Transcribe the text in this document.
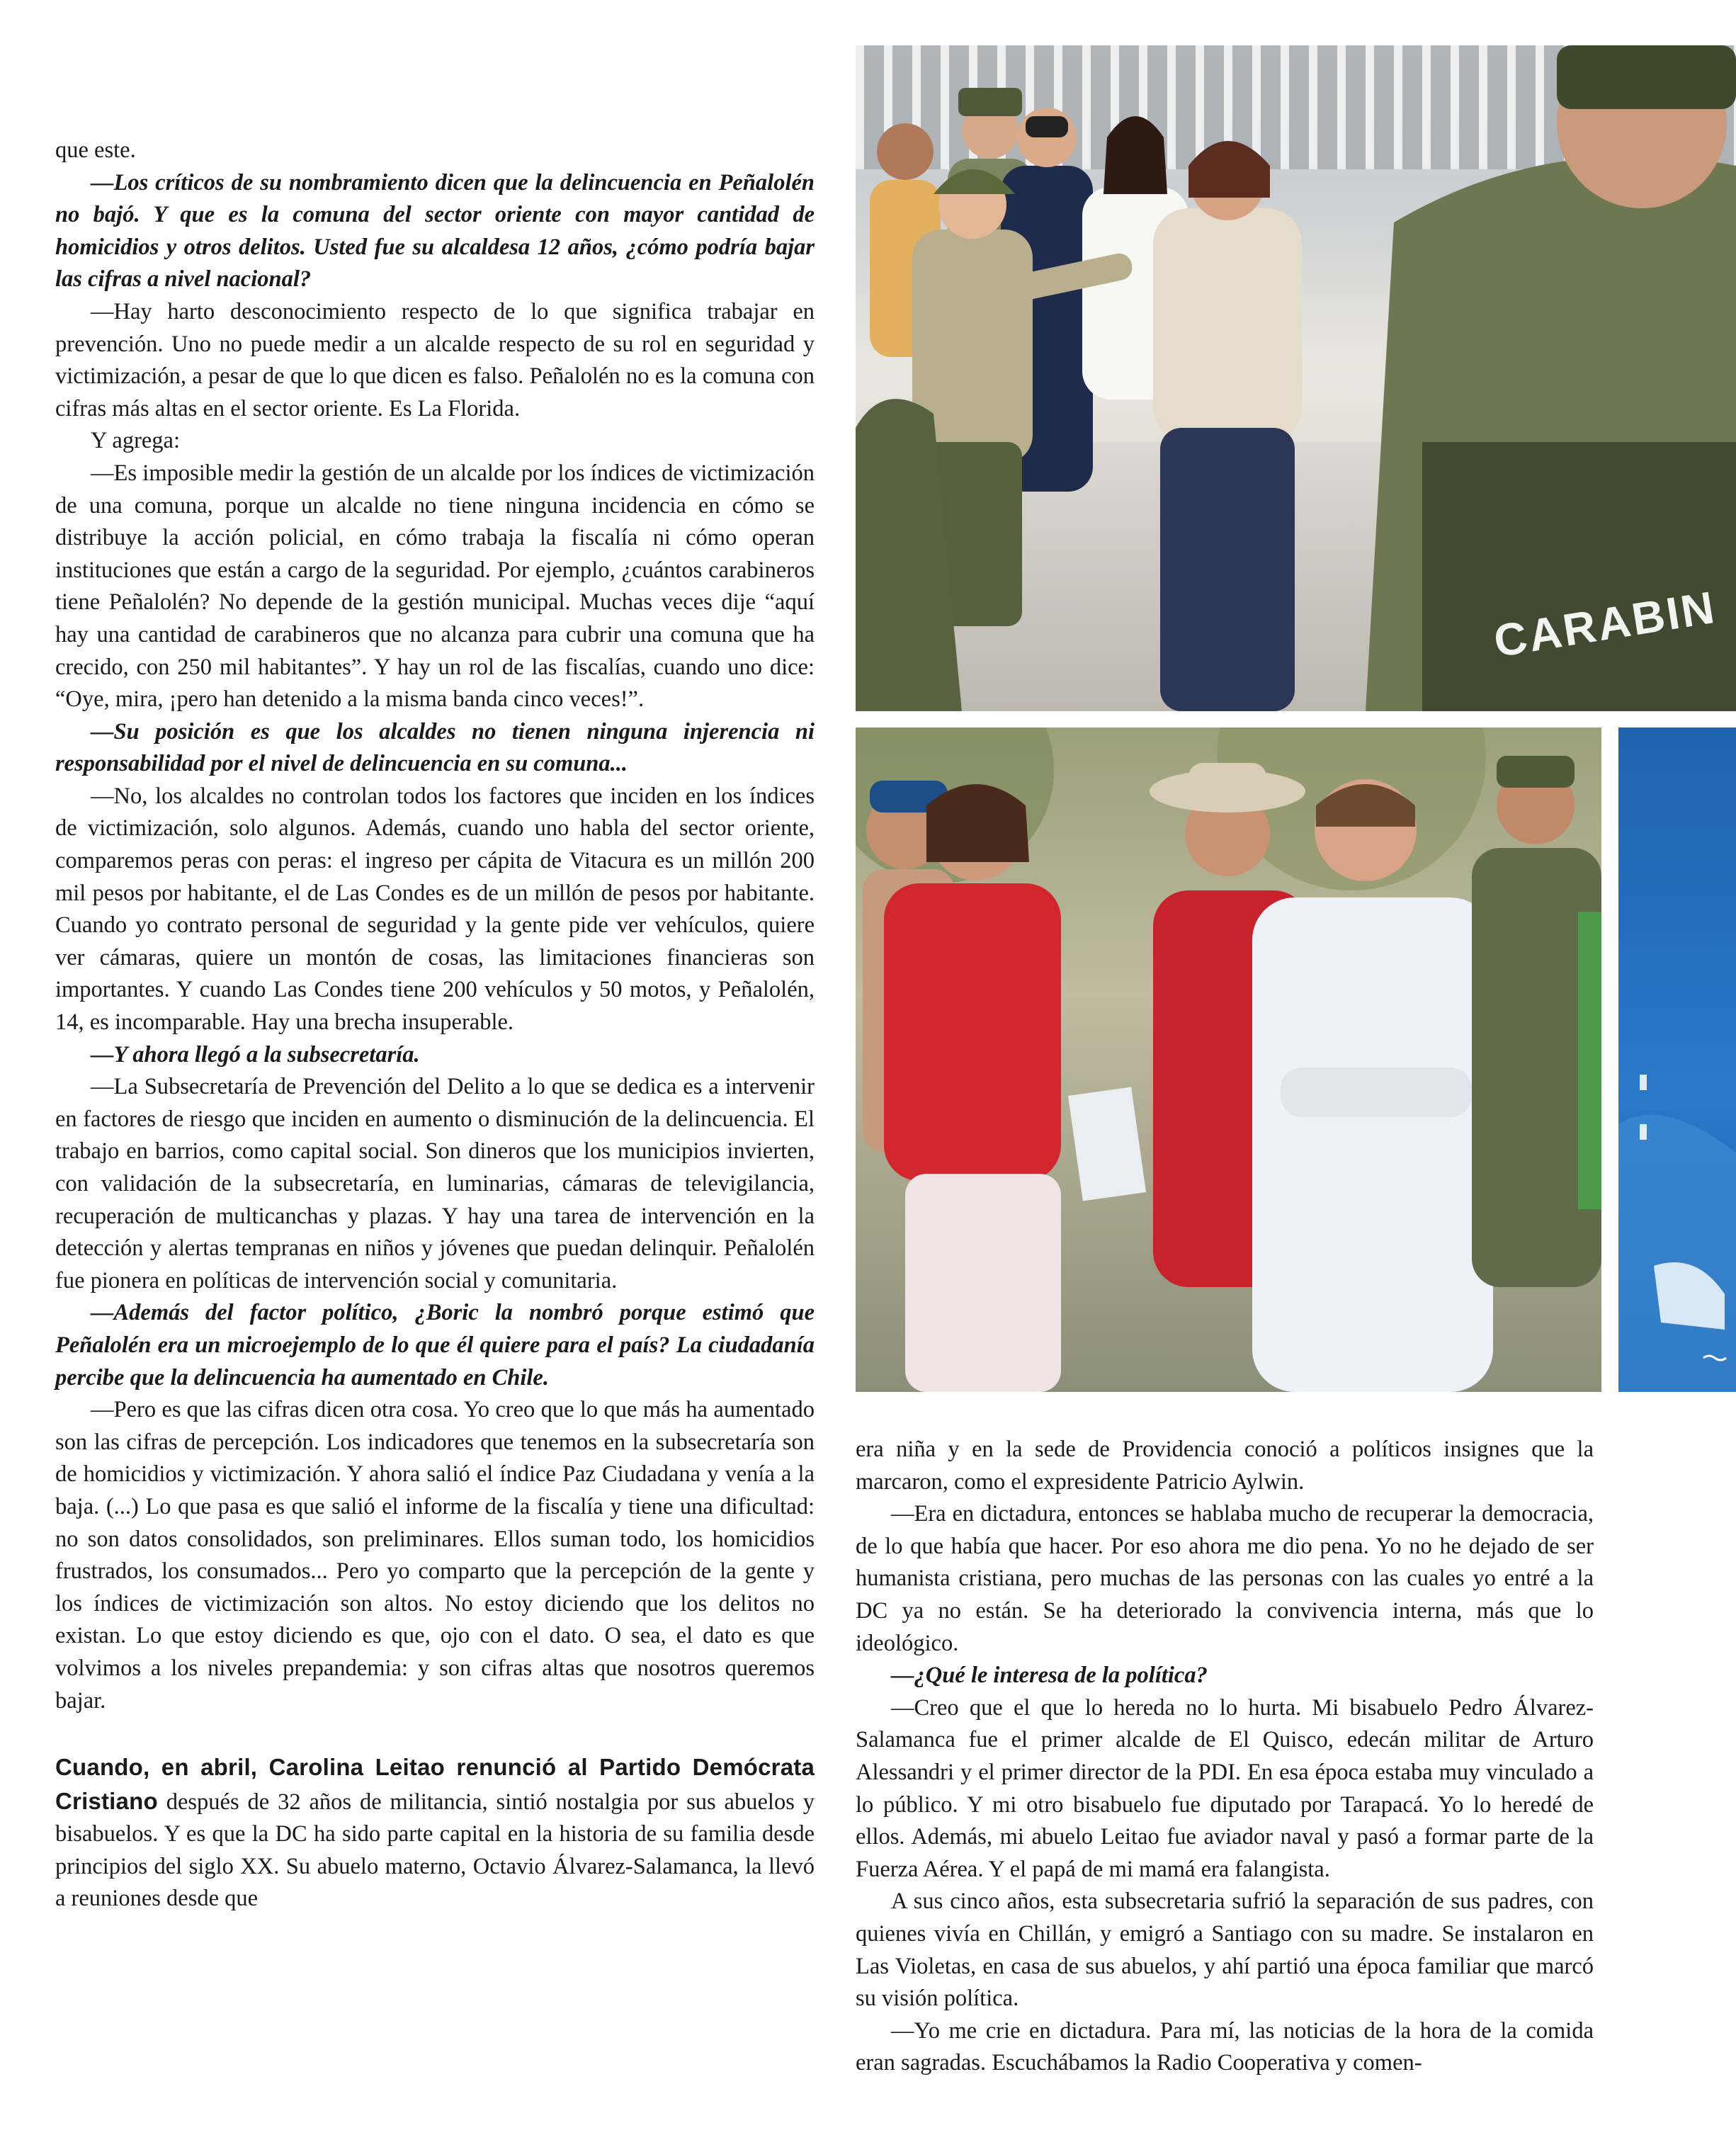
CARABIN

que este.

—Los críticos de su nombramiento dicen que la delincuencia en Peñalolén no bajó. Y que es la comuna del sector oriente con mayor cantidad de homicidios y otros delitos. Usted fue su alcaldesa 12 años, ¿cómo podría bajar las cifras a nivel nacional?

—Hay harto desconocimiento respecto de lo que significa trabajar en prevención. Uno no puede medir a un alcalde respecto de su rol en seguridad y victimización, a pesar de que lo que dicen es falso. Peñalolén no es la comuna con cifras más altas en el sector oriente. Es La Florida.

Y agrega:

—Es imposible medir la gestión de un alcalde por los índices de victimización de una comuna, porque un alcalde no tiene ninguna incidencia en cómo se distribuye la acción policial, en cómo trabaja la fiscalía ni cómo operan instituciones que están a cargo de la seguridad. Por ejemplo, ¿cuántos carabineros tiene Peñalolén? No depende de la gestión municipal. Muchas veces dije “aquí hay una cantidad de carabineros que no alcanza para cubrir una comuna que ha crecido, con 250 mil habitantes”. Y hay un rol de las fiscalías, cuando uno dice: “Oye, mira, ¡pero han detenido a la misma banda cinco veces!”.

—Su posición es que los alcaldes no tienen ninguna injerencia ni responsabilidad por el nivel de delincuencia en su comuna...

—No, los alcaldes no controlan todos los factores que inciden en los índices de victimización, solo algunos. Además, cuando uno habla del sector oriente, comparemos peras con peras: el ingreso per cápita de Vitacura es un millón 200 mil pesos por habitante, el de Las Condes es de un millón de pesos por habitante. Cuando yo contrato personal de seguridad y la gente pide ver vehículos, quiere ver cámaras, quiere un montón de cosas, las limitaciones financieras son importantes. Y cuando Las Condes tiene 200 vehículos y 50 motos, y Peñalolén, 14, es incomparable. Hay una brecha insuperable.

—Y ahora llegó a la subsecretaría.

—La Subsecretaría de Prevención del Delito a lo que se dedica es a intervenir en factores de riesgo que inciden en aumento o disminución de la delincuencia. El trabajo en barrios, como capital social. Son dineros que los municipios invierten, con validación de la subsecretaría, en luminarias, cámaras de televigilancia, recuperación de multicanchas y plazas. Y hay una tarea de intervención en la detección y alertas tempranas en niños y jóvenes que puedan delinquir. Peñalolén fue pionera en políticas de intervención social y comunitaria.

—Además del factor político, ¿Boric la nombró porque estimó que Peñalolén era un microejemplo de lo que él quiere para el país? La ciudadanía percibe que la delincuencia ha aumentado en Chile.

—Pero es que las cifras dicen otra cosa. Yo creo que lo que más ha aumentado son las cifras de percepción. Los indicadores que tenemos en la subsecretaría son de homicidios y victimización. Y ahora salió el índice Paz Ciudadana y venía a la baja. (...) Lo que pasa es que salió el informe de la fiscalía y tiene una dificultad: no son datos consolidados, son preliminares. Ellos suman todo, los homicidios frustrados, los consumados... Pero yo comparto que la percepción de la gente y los índices de victimización son altos. No estoy diciendo que los delitos no existan. Lo que estoy diciendo es que, ojo con el dato. O sea, el dato es que volvimos a los niveles prepandemia: y son cifras altas que nosotros queremos bajar.

Cuando, en abril, Carolina Leitao renunció al Partido Demócrata Cristiano después de 32 años de militancia, sintió nostalgia por sus abuelos y bisabuelos. Y es que la DC ha sido parte capital en la historia de su familia desde principios del siglo XX. Su abuelo materno, Octavio Álvarez-Salamanca, la llevó a reuniones desde que

era niña y en la sede de Providencia conoció a políticos insignes que la marcaron, como el expresidente Patricio Aylwin.

—Era en dictadura, entonces se hablaba mucho de recuperar la democracia, de lo que había que hacer. Por eso ahora me dio pena. Yo no he dejado de ser humanista cristiana, pero muchas de las personas con las cuales yo entré a la DC ya no están. Se ha deteriorado la convivencia interna, más que lo ideológico.

—¿Qué le interesa de la política?

—Creo que el que lo hereda no lo hurta. Mi bisabuelo Pedro Álvarez-Salamanca fue el primer alcalde de El Quisco, edecán militar de Arturo Alessandri y el primer director de la PDI. En esa época estaba muy vinculado a lo público. Y mi otro bisabuelo fue diputado por Tarapacá. Yo lo heredé de ellos. Además, mi abuelo Leitao fue aviador naval y pasó a formar parte de la Fuerza Aérea. Y el papá de mi mamá era falangista.

A sus cinco años, esta subsecretaria sufrió la separación de sus padres, con quienes vivía en Chillán, y emigró a Santiago con su madre. Se instalaron en Las Violetas, en casa de sus abuelos, y ahí partió una época familiar que marcó su visión política.

—Yo me crie en dictadura. Para mí, las noticias de la hora de la comida eran sagradas. Escuchábamos la Radio Cooperativa y comen-
